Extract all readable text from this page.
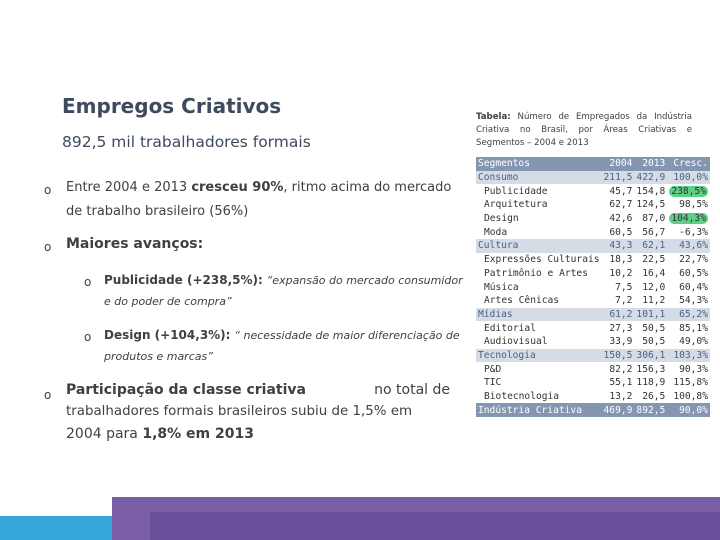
Empregos Criativos
892,5 mil trabalhadores formais
o Entre 2004 e 2013 cresceu 90%, ritmo acima do mercado
de trabalho brasileiro (56%)
o Maiores avanços:
o Publicidade (+238,5%): “expansão do mercado consumidor
e do poder de compra”
o Design (+104,3%): “ necessidade de maior diferenciação de
produtos e marcas”
o Participação da classe criativa	no total de
trabalhadores formais brasileiros subiu de 1,5% em
2004 para 1,8% em 2013
Tabela: Número de Empregados da Indústria Criativa no Brasil, por Áreas Criativas e Segmentos – 2004 e 2013
Segmentos	2004	2013	Cresc.
Consumo	211,5	422,9	100,0%
Publicidade	45,7	154,8	238,5%
Arquitetura	62,7	124,5	98,5%
Design	42,6	87,0	104,3%
Moda	60,5	56,7	-6,3%
Cultura	43,3	62,1	43,6%
Expressões Culturais	18,3	22,5	22,7%
Patrimônio e Artes	10,2	16,4	60,5%
Música	7,5	12,0	60,4%
Artes Cênicas	7,2	11,2	54,3%
Mídias	61,2	101,1	65,2%
Editorial	27,3	50,5	85,1%
Audiovisual	33,9	50,5	49,0%
Tecnologia	150,5	306,1	103,3%
P&D	82,2	156,3	90,3%
TIC	55,1	118,9	115,8%
Biotecnologia	13,2	26,5	100,8%
Indústria Criativa	469,9	892,5	90,0%
